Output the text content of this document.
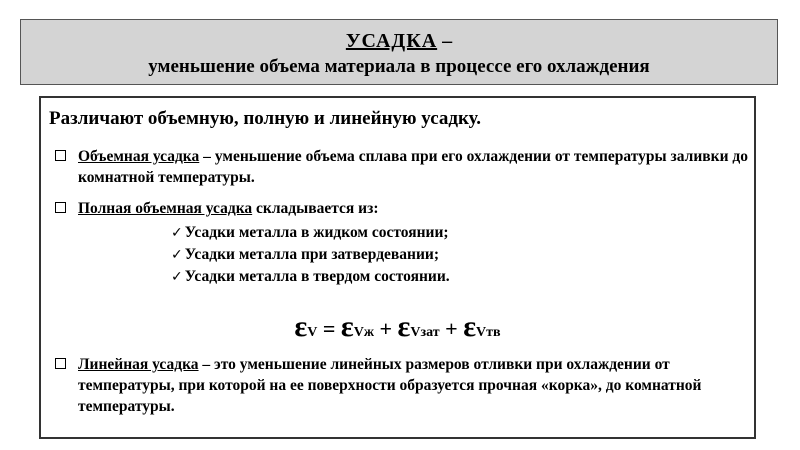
УСАДКА –
уменьшение объема материала в процессе его охлаждения
Различают объемную, полную и линейную усадку.
Объемная усадка – уменьшение объема сплава при его охлаждении от температуры заливки до комнатной температуры.
Полная объемная усадка складывается из:
✓ Усадки металла в жидком состоянии;
✓ Усадки металла при затвердевании;
✓ Усадки металла в твердом состоянии.
εV = εVж + εVзат + εVтв
Линейная усадка – это уменьшение линейных размеров отливки при охлаждении от температуры, при которой на ее поверхности образуется прочная «корка», до комнатной температуры.
